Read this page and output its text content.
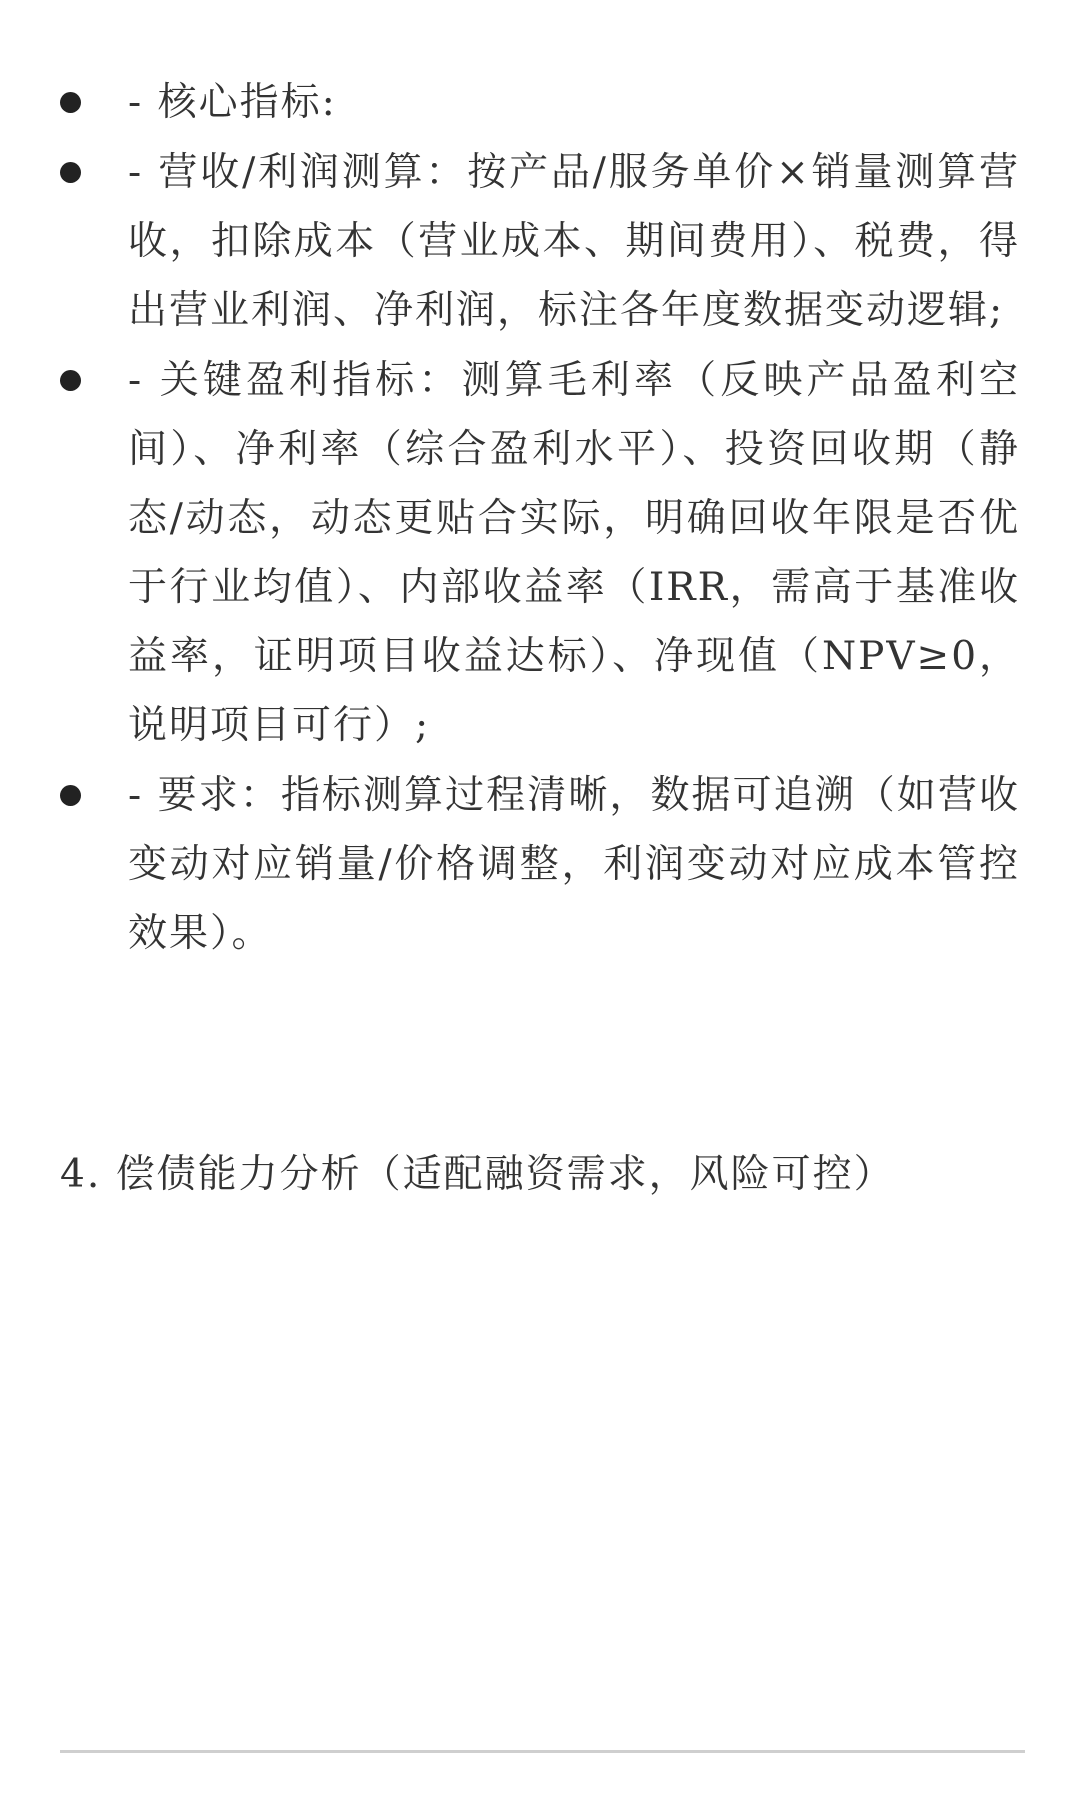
- 核心指标:
- 营收/利润测算：按产品/服务单价×销量测算营收，扣除成本（营业成本、期间费用）、税费，得出营业利润、净利润，标注各年度数据变动逻辑;
- 关键盈利指标：测算毛利率（反映产品盈利空间）、净利率（综合盈利水平）、投资回收期（静态/动态，动态更贴合实际，明确回收年限是否优于行业均值）、内部收益率（IRR，需高于基准收益率，证明项目收益达标）、净现值（NPV≥0，说明项目可行）;
- 要求：指标测算过程清晰，数据可追溯（如营收变动对应销量/价格调整，利润变动对应成本管控效果）。
4. 偿债能力分析（适配融资需求，风险可控）
